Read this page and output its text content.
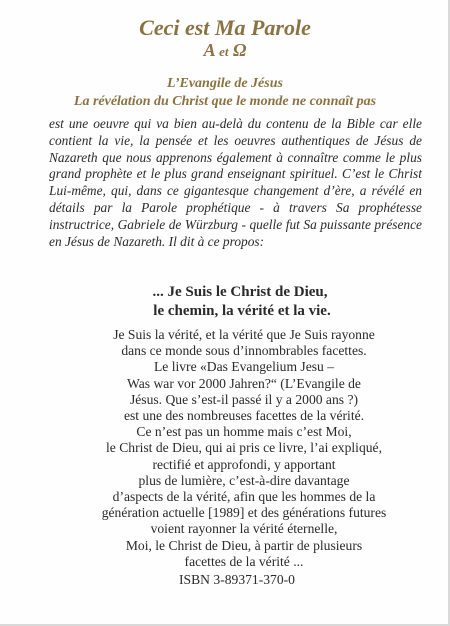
Ceci est Ma Parole
A et Ω
L’Evangile de Jésus
La révélation du Christ que le monde ne connaît pas
est une oeuvre qui va bien au-delà du contenu de la Bible car elle contient la vie, la pensée et les oeuvres authentiques de Jésus de Nazareth que nous apprenons également à connaître comme le plus grand prophète et le plus grand enseignant spirituel. C’est le Christ Lui-même, qui, dans ce gigantesque changement d’ère, a révélé en détails par la Parole prophétique - à travers Sa prophétesse instructrice, Gabriele de Würzburg - quelle fut Sa puissante présence en Jésus de Nazareth. Il dit à ce propos:
... Je Suis le Christ de Dieu,
le chemin, la vérité et la vie.
Je Suis la vérité, et la vérité que Je Suis rayonne
dans ce monde sous d’innombrables facettes.
Le livre «Das Evangelium Jesu –
Was war vor 2000 Jahren?“ (L’Evangile de
Jésus. Que s’est-il passé il y a 2000 ans ?)
est une des nombreuses facettes de la vérité.
Ce n’est pas un homme mais c’est Moi,
le Christ de Dieu, qui ai pris ce livre, l’ai expliqué,
rectifié et approfondi, y apportant
plus de lumière, c’est-à-dire davantage
d’aspects de la vérité, afin que les hommes de la
génération actuelle [1989] et des générations futures
voient rayonner la vérité éternelle,
Moi, le Christ de Dieu, à partir de plusieurs
facettes de la vérité ...
ISBN 3-89371-370-0
